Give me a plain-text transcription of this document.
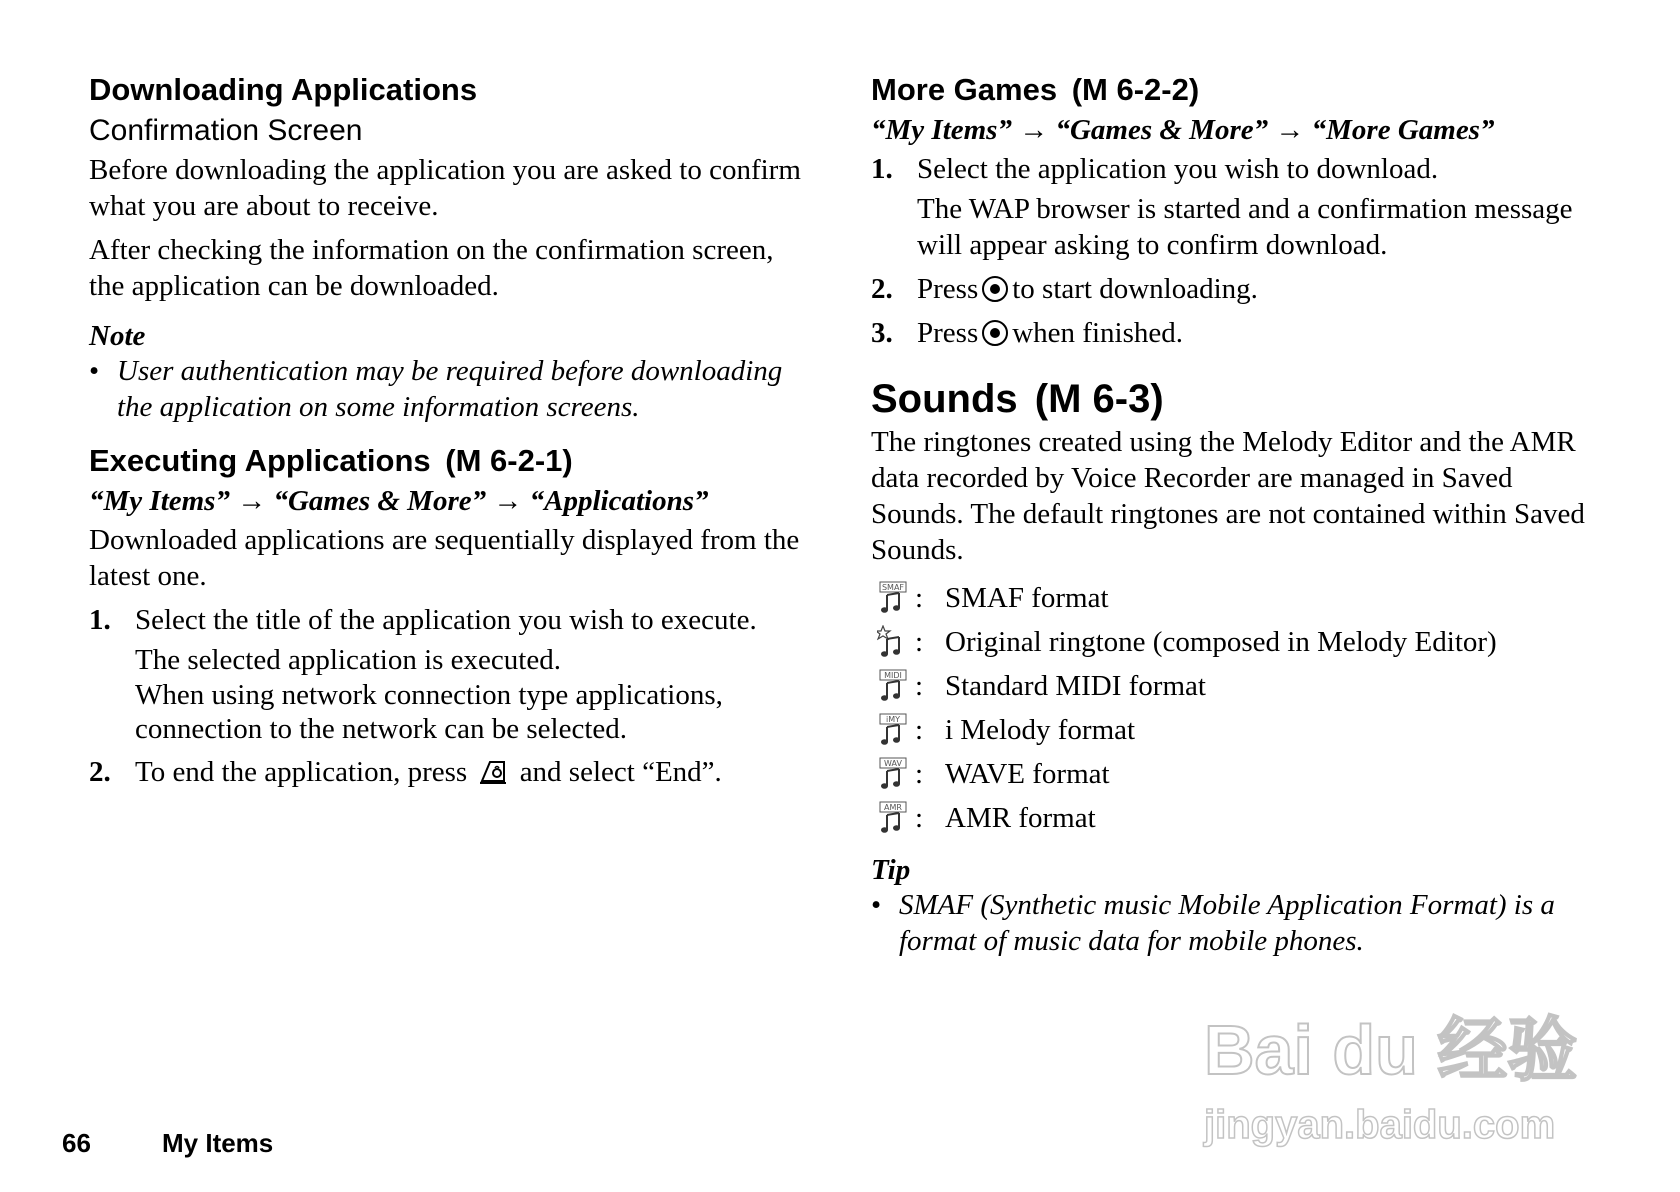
Downloading Applications
Confirmation Screen

Before downloading the application you are asked to confirm what you are about to receive.

After checking the information on the confirmation screen, the application can be downloaded.

Note
• User authentication may be required before downloading the application on some information screens.
Executing Applications (M 6-2-1)
“My Items” → “Games & More” → “Applications”

Downloaded applications are sequentially displayed from the latest one.

1. Select the title of the application you wish to execute.
The selected application is executed.
When using network connection type applications, connection to the network can be selected.
2. To end the application, press and select “End”.
More Games (M 6-2-2)
“My Items” → “Games & More” → “More Games”
1. Select the application you wish to download.
The WAP browser is started and a confirmation message will appear asking to confirm download.
2. Press to start downloading.
3. Press when finished.
Sounds (M 6-3)

The ringtones created using the Melody Editor and the AMR data recorded by Voice Recorder are managed in Saved Sounds. The default ringtones are not contained within Saved Sounds.

SMAF : SMAF format
: Original ringtone (composed in Melody Editor)
MIDI : Standard MIDI format
iMY : i Melody format
WAV : WAVE format
AMR : AMR format
Tip
• SMAF (Synthetic music Mobile Application Format) is a format of music data for mobile phones.
66	My Items
Bai du 经验
jingyan.baidu.com
